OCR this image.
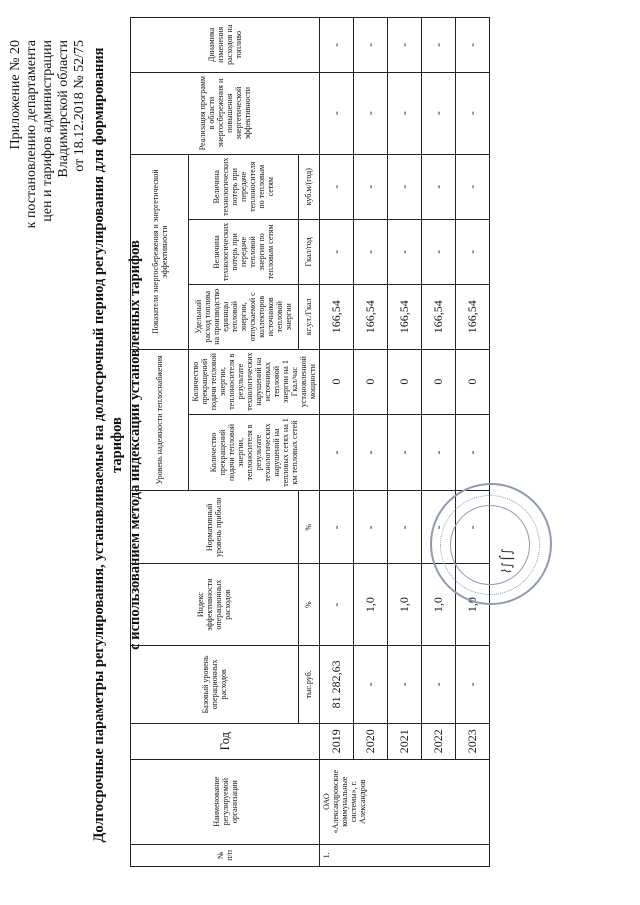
Приложение № 20 к постановлению департамента цен и тарифов администрации Владимирской области от 18.12.2018 № 52/75 Долгосрочные параметры регулирования, устанавливаемые на долгосрочный период регулирования для формирования тарифов с использованием метода индексации установленных тарифов
№ п/п	Наименование регулируемой организации	Год	Базовый уровень операционных расходов	Индекс эффективности операционных расходов	Нормативный уровень прибыли	Уровень надежности теплоснабжения		Показатели энергосбережения и энергетической эффективности			Реализация программ в области энергосбережения и повышения энергетической эффективности	Динамика изменения расходов на топливо
						Количество прекращений подачи тепловой энергии, теплоносителя в результате технологических нарушений на тепловых сетях на 1 км тепловых сетей	Количество прекращений подачи тепловой энергии, теплоносителя в результате технологических нарушений на источниках тепловой энергии на 1 Гкал/час установленной мощности	Удельный расход топлива на производство единицы тепловой энергии, отпускаемой с коллекторов источников тепловой энергии	Величина технологических потерь при передаче тепловой энергии по тепловым сетям	Величина технологических потерь при передаче теплоносителя по тепловым сетям		
			тыс.руб.	%	%			кг.у.т./Гкал	Гкал/год	куб.м/(год)		
1.	ОАО «Александровские коммунальные системы», г. Александров	2019	81 282,63	-	-	-	0	166,54	-	-	-	-
		2020	-	1,0	-	-	0	166,54	-	-	-	-
		2021	-	1,0	-	-	0	166,54	-	-	-	-
		2022	-	1,0	-	-	0	166,54	-	-	-	-
		2023	-	1,0	-	-	0	166,54	-	-	-	-
⌇∫⌠∫
